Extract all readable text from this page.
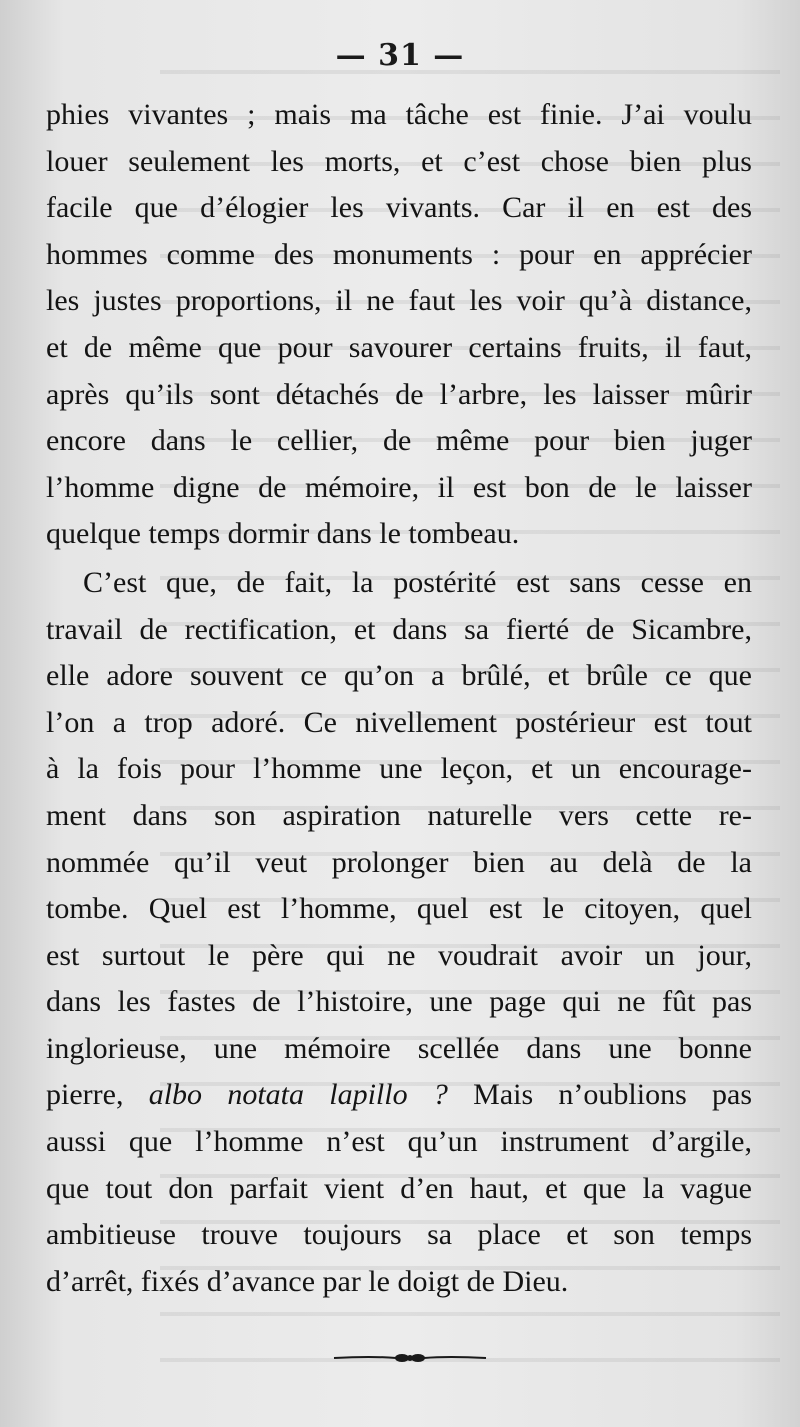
— 31 —
phies vivantes ; mais ma tâche est finie. J’ai voulu
louer seulement les morts, et c’est chose bien plus
facile que d’élogier les vivants. Car il en est des
hommes comme des monuments : pour en apprécier
les justes proportions, il ne faut les voir qu’à distance,
et de même que pour savourer certains fruits, il faut,
après qu’ils sont détachés de l’arbre, les laisser mûrir
encore dans le cellier, de même pour bien juger
l’homme digne de mémoire, il est bon de le laisser
quelque temps dormir dans le tombeau.
C’est que, de fait, la postérité est sans cesse en
travail de rectification, et dans sa fierté de Sicambre,
elle adore souvent ce qu’on a brûlé, et brûle ce que
l’on a trop adoré. Ce nivellement postérieur est tout
à la fois pour l’homme une leçon, et un encourage-
ment dans son aspiration naturelle vers cette re-
nommée qu’il veut prolonger bien au delà de la
tombe. Quel est l’homme, quel est le citoyen, quel
est surtout le père qui ne voudrait avoir un jour,
dans les fastes de l’histoire, une page qui ne fût pas
inglorieuse, une mémoire scellée dans une bonne
pierre, albo notata lapillo ? Mais n’oublions pas
aussi que l’homme n’est qu’un instrument d’argile,
que tout don parfait vient d’en haut, et que la vague
ambitieuse trouve toujours sa place et son temps
d’arrêt, fixés d’avance par le doigt de Dieu.
